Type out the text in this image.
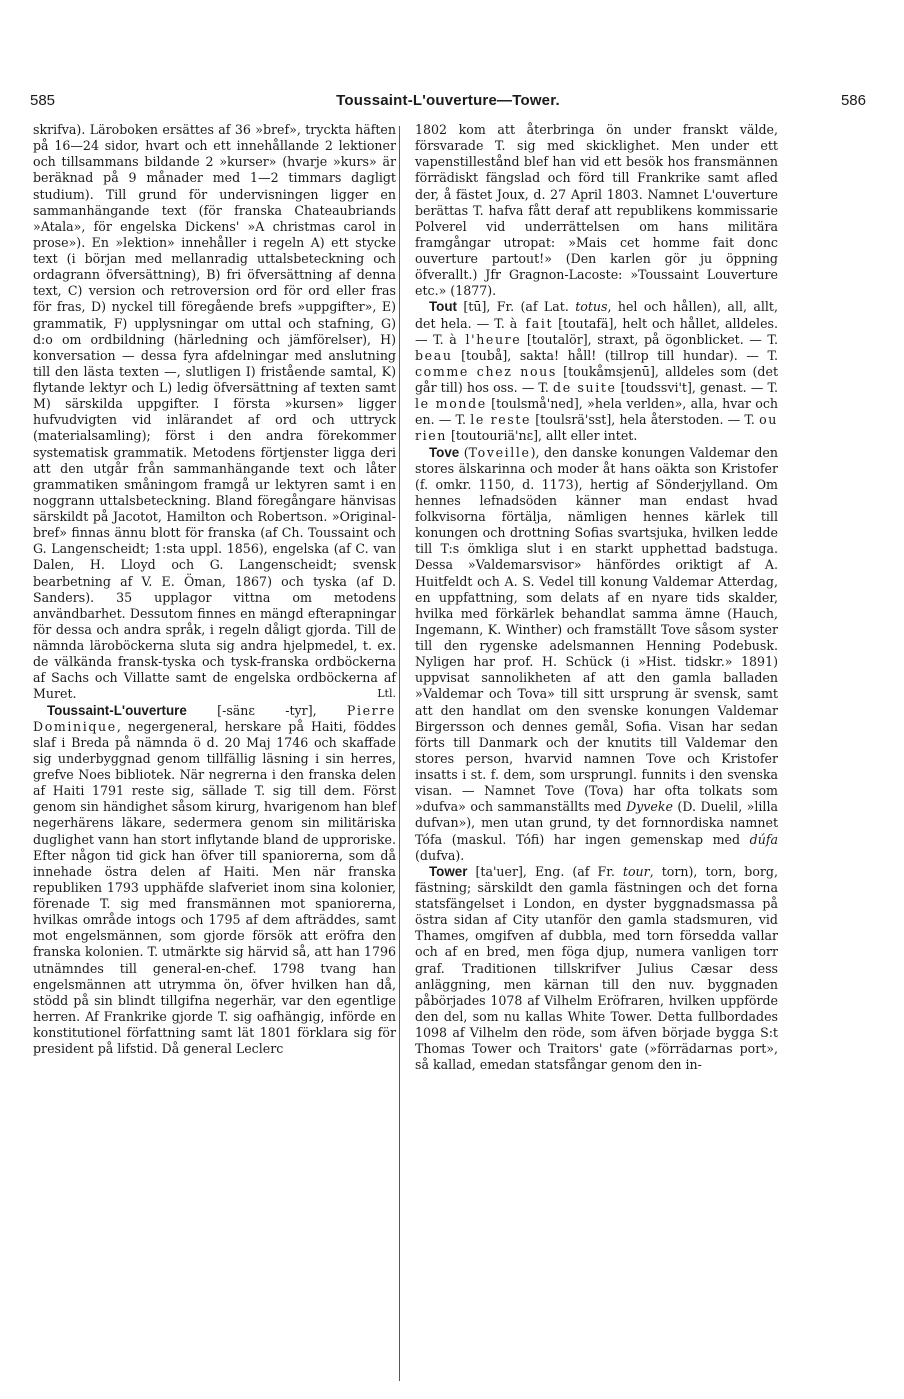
585	Toussaint-L'ouverture—Tower.	586

skrifva). Läroboken ersättes af 36 »bref», tryckta häften på 16—24 sidor, hvart och ett innehållande 2 lektioner och tillsammans bildande 2 »kurser» (hvarje »kurs» är beräknad på 9 månader med 1—2 timmars dagligt studium). Till grund för undervisningen ligger en sammanhängande text (för franska Chateaubriands »Atala», för engelska Dickens' »A christmas carol in prose»). En »lektion» innehåller i regeln A) ett stycke text (i början med mellanradig uttalsbeteckning och ordagrann öfversättning), B) fri öfversättning af denna text, C) version och retroversion ord för ord eller fras för fras, D) nyckel till föregående brefs »uppgifter», E) grammatik, F) upplysningar om uttal och stafning, G) d:o om ordbildning (härledning och jämförelser), H) konversation — dessa fyra afdelningar med anslutning till den lästa texten —, slutligen I) fristående samtal, K) flytande lektyr och L) ledig öfversättning af texten samt M) särskilda uppgifter. I första »kursen» ligger hufvudvigten vid inlärandet af ord och uttryck (materialsamling); först i den andra förekommer systematisk grammatik. Metodens förtjenster ligga deri att den utgår från sammanhängande text och låter grammatiken småningom framgå ur lektyren samt i en noggrann uttalsbeteckning. Bland föregångare hänvisas särskildt på Jacotot, Hamilton och Robertson. »Original-bref» finnas ännu blott för franska (af Ch. Toussaint och G. Langenscheidt; 1:sta uppl. 1856), engelska (af C. van Dalen, H. Lloyd och G. Langenscheidt; svensk bearbetning af V. E. Öman, 1867) och tyska (af D. Sanders). 35 upplagor vittna om metodens användbarhet. Dessutom finnes en mängd efterapningar för dessa och andra språk, i regeln dåligt gjorda. Till de nämnda läroböckerna sluta sig andra hjelpmedel, t. ex. de välkända fransk-tyska och tysk-franska ordböckerna af Sachs och Villatte samt de engelska ordböckerna af Muret.	Ltl.

Toussaint-L'ouverture [-sänɛ -tyr], Pierre Dominique, negergeneral, herskare på Haiti, föddes slaf i Breda på nämnda ö d. 20 Maj 1746 och skaffade sig underbyggnad genom tillfällig läsning i sin herres, grefve Noes bibliotek. När negrerna i den franska delen af Haiti 1791 reste sig, sällade T. sig till dem. Först genom sin händighet såsom kirurg, hvarigenom han blef negerhärens läkare, sedermera genom sin militäriska duglighet vann han stort inflytande bland de upproriske. Efter någon tid gick han öfver till spaniorerna, som då innehade östra delen af Haiti. Men när franska republiken 1793 upphäfde slafveriet inom sina kolonier, förenade T. sig med fransmännen mot spaniorerna, hvilkas område intogs och 1795 af dem afträddes, samt mot engelsmännen, som gjorde försök att eröfra den franska kolonien. T. utmärkte sig härvid så, att han 1796 utnämndes till general-en-chef. 1798 tvang han engelsmännen att utrymma ön, öfver hvilken han då, stödd på sin blindt tillgifna negerhär, var den egentlige herren. Af Frankrike gjorde T. sig oafhängig, införde en konstitutionel författning samt lät 1801 förklara sig för president på lifstid. Då general Leclerc

1802 kom att återbringa ön under franskt välde, försvarade T. sig med skicklighet. Men under ett vapenstillestånd blef han vid ett besök hos fransmännen förrädiskt fängslad och förd till Frankrike samt afled der, å fästet Joux, d. 27 April 1803. Namnet L'ouverture berättas T. hafva fått deraf att republikens kommissarie Polverel vid underrättelsen om hans militära framgångar utropat: »Mais cet homme fait donc ouverture partout!» (Den karlen gör ju öppning öfverallt.) Jfr Gragnon-Lacoste: »Toussaint Louverture etc.» (1877).

Tout [tū], Fr. (af Lat. totus, hel och hållen), all, allt, det hela. — T. à fait [toutafä], helt och hållet, alldeles. — T. à l'heure [toutalör], straxt, på ögonblicket. — T. beau [toubå], sakta! håll! (tillrop till hundar). — T. comme chez nous [toukåmsjenū], alldeles som (det går till) hos oss. — T. de suite [toudssvi't], genast. — T. le monde [toulsmå'ned], »hela verlden», alla, hvar och en. — T. le reste [toulsrä'sst], hela återstoden. — T. ou rien [toutouriä'nɛ], allt eller intet.

Tove (Toveille), den danske konungen Valdemar den stores älskarinna och moder åt hans oäkta son Kristofer (f. omkr. 1150, d. 1173), hertig af Sönderjylland. Om hennes lefnadsöden känner man endast hvad folkvisorna förtälja, nämligen hennes kärlek till konungen och drottning Sofias svartsjuka, hvilken ledde till T:s ömkliga slut i en starkt upphettad badstuga. Dessa »Valdemarsvisor» hänfördes oriktigt af A. Huitfeldt och A. S. Vedel till konung Valdemar Atterdag, en uppfattning, som delats af en nyare tids skalder, hvilka med förkärlek behandlat samma ämne (Hauch, Ingemann, K. Winther) och framställt Tove såsom syster till den rygenske adelsmannen Henning Podebusk. Nyligen har prof. H. Schück (i »Hist. tidskr.» 1891) uppvisat sannolikheten af att den gamla balladen »Valdemar och Tova» till sitt ursprung är svensk, samt att den handlat om den svenske konungen Valdemar Birgersson och dennes gemål, Sofia. Visan har sedan förts till Danmark och der knutits till Valdemar den stores person, hvarvid namnen Tove och Kristofer insatts i st. f. dem, som ursprungl. funnits i den svenska visan. — Namnet Tove (Tova) har ofta tolkats som »dufva» och sammanställts med Dyveke (D. Duelil, »lilla dufvan»), men utan grund, ty det fornnordiska namnet Tófa (maskul. Tófi) har ingen gemenskap med dúfa (dufva).

Tower [ta'uer], Eng. (af Fr. tour, torn), torn, borg, fästning; särskildt den gamla fästningen och det forna statsfängelset i London, en dyster byggnadsmassa på östra sidan af City utanför den gamla stadsmuren, vid Thames, omgifven af dubbla, med torn försedda vallar och af en bred, men föga djup, numera vanligen torr graf. Traditionen tillskrifver Julius Cæsar dess anläggning, men kärnan till den nuv. byggnaden påbörjades 1078 af Vilhelm Eröfraren, hvilken uppförde den del, som nu kallas White Tower. Detta fullbordades 1098 af Vilhelm den röde, som äfven började bygga S:t Thomas Tower och Traitors' gate (»förrädarnas port», så kallad, emedan statsfångar genom den in-
